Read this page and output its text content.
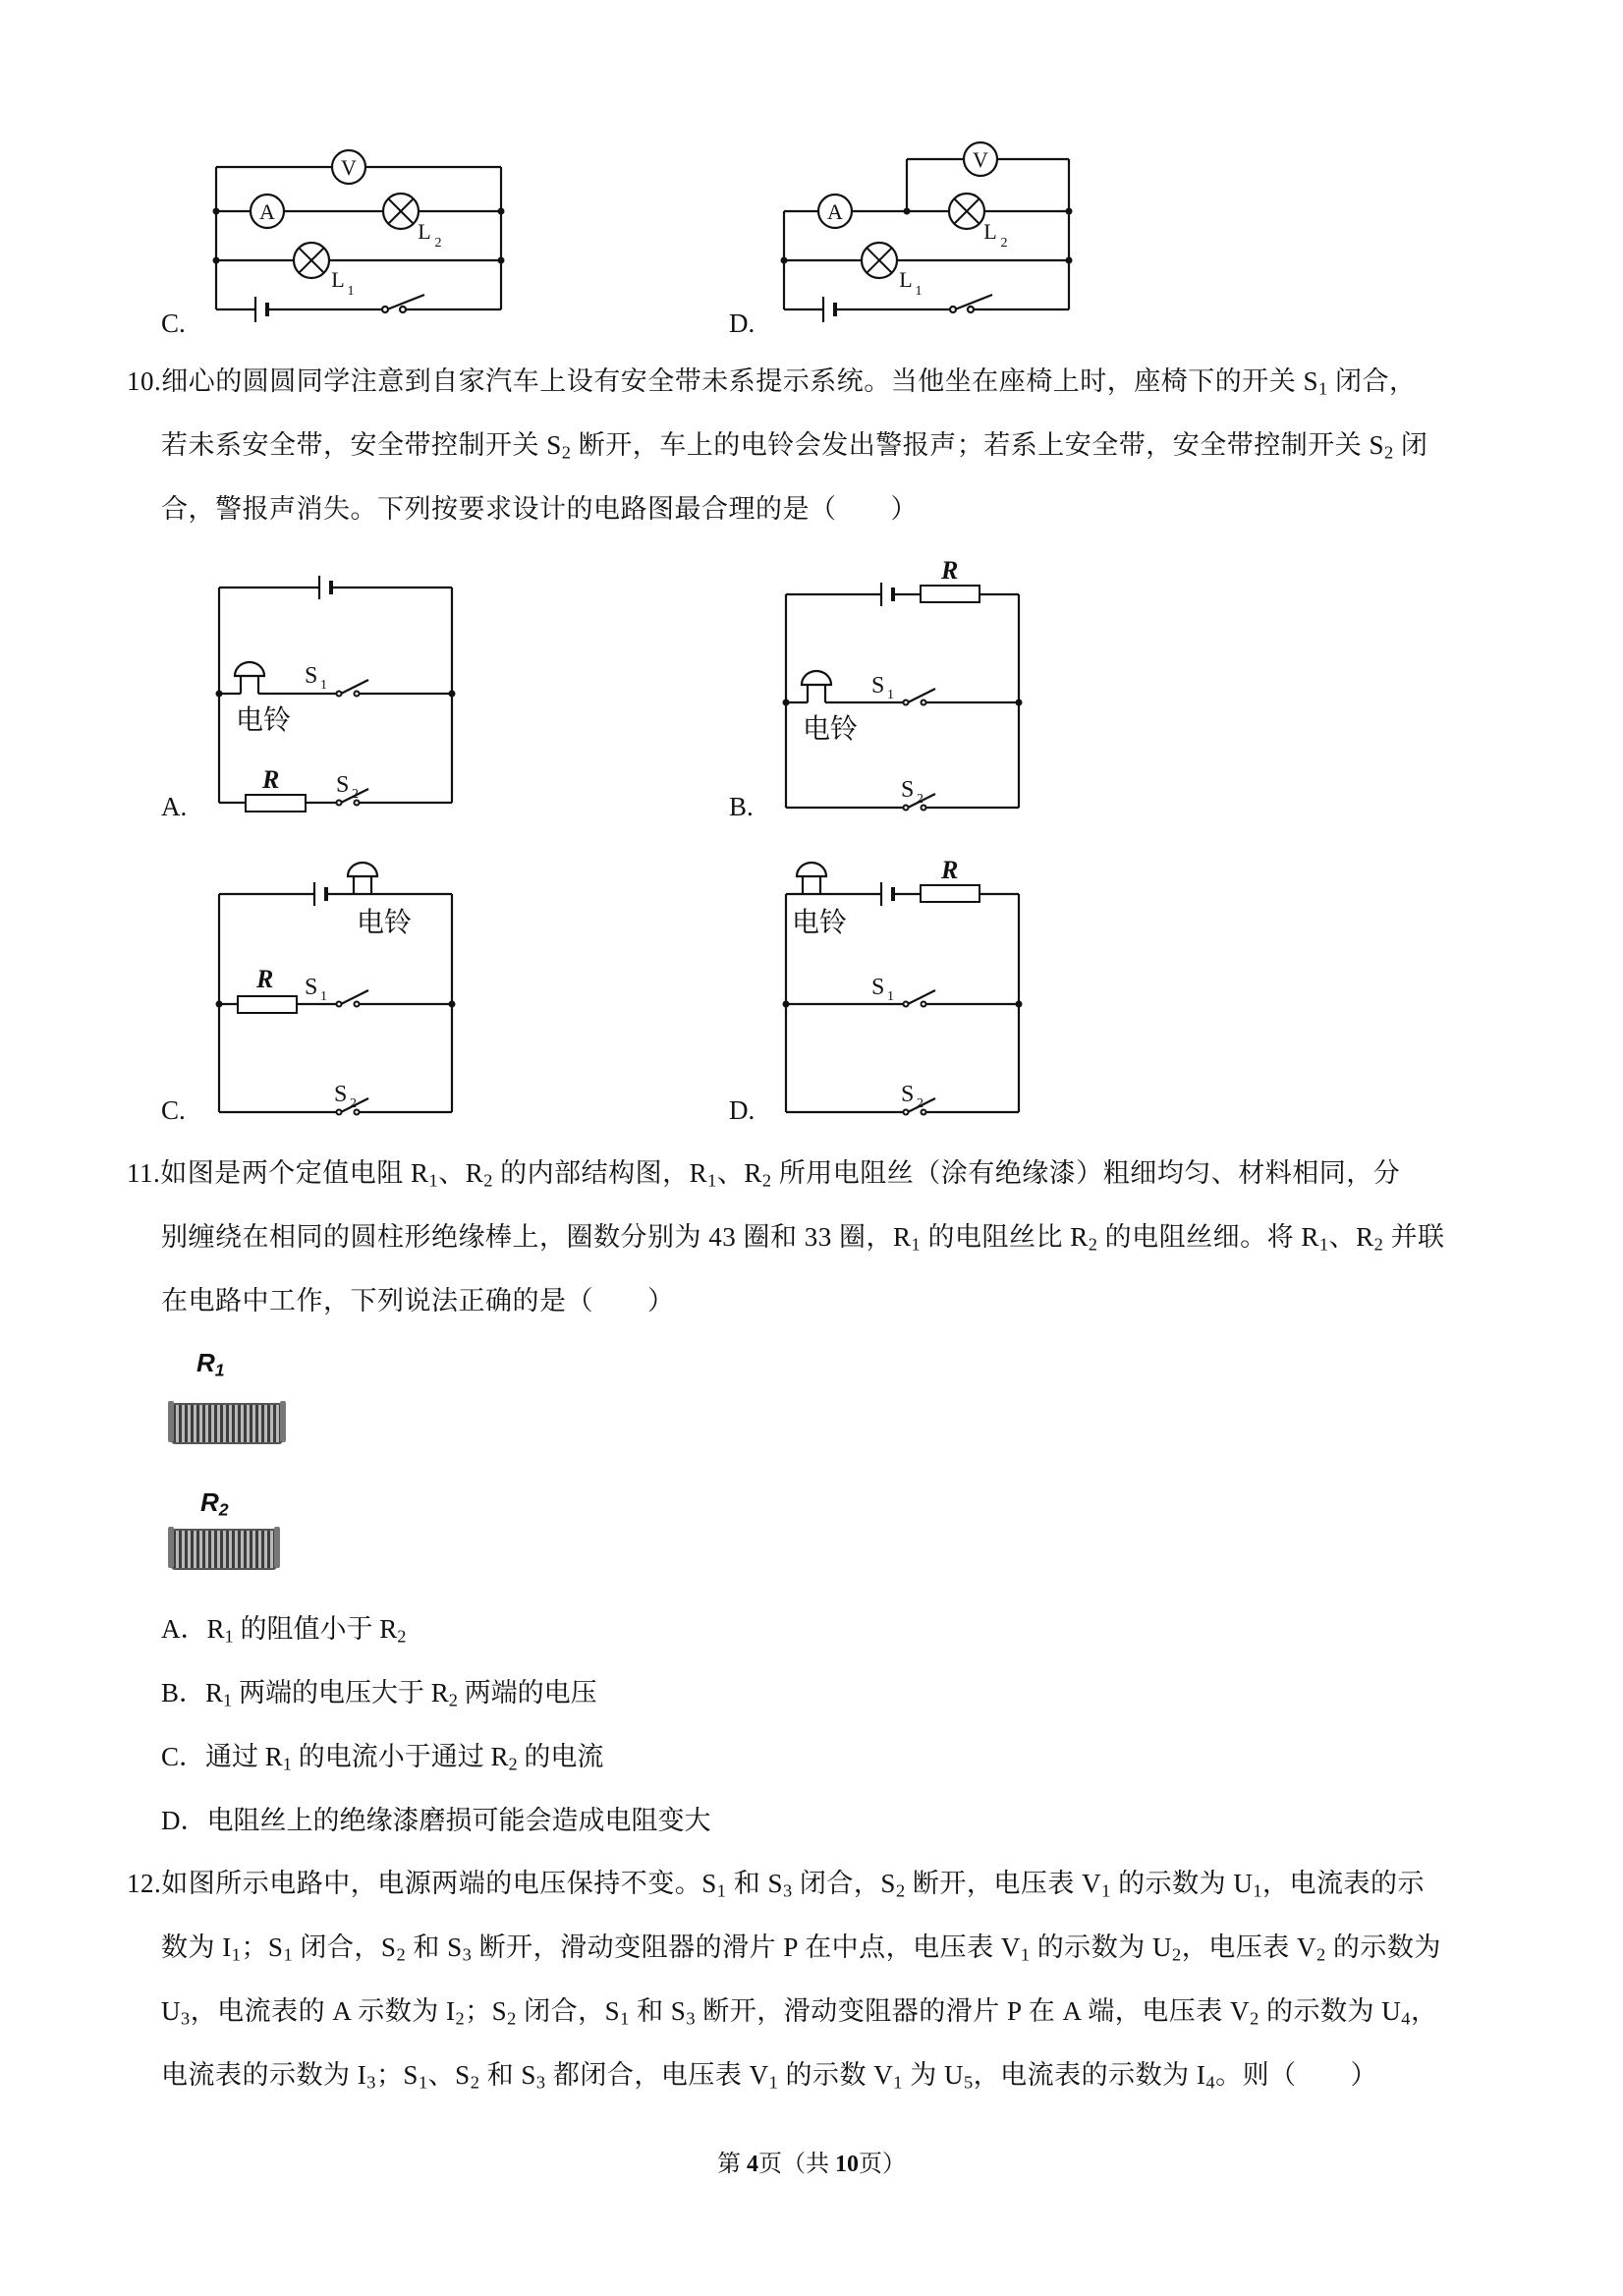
C.	D.
V
A
L 2
L 1
V
A
L 2
L 1
10.细心的圆圆同学注意到自家汽车上设有安全带未系提示系统。当他坐在座椅上时，座椅下的开关 $S_1$ 闭合，
若未系安全带，安全带控制开关 $S_2$ 断开，车上的电铃会发出警报声；若系上安全带，安全带控制开关 $S_2$ 闭
合，警报声消失。下列按要求设计的电路图最合理的是（　　）
A.	B.
C.	D.
S 1
电铃
R S 2
R
S 1
电铃
S 2
电铃
R S 1
S 2
电铃
R
S 1
S 2
11.如图是两个定值电阻 $R_1$、$R_2$ 的内部结构图，$R_1$、$R_2$ 所用电阻丝（涂有绝缘漆）粗细均匀、材料相同，分
别缠绕在相同的圆柱形绝缘棒上，圈数分别为 43 圈和 33 圈，$R_1$ 的电阻丝比 $R_2$ 的电阻丝细。将 $R_1$、$R_2$ 并联
在电路中工作，下列说法正确的是（　　）
$R_1$
$R_2$
A．$R_1$ 的阻值小于 $R_2$
B．$R_1$ 两端的电压大于 $R_2$ 两端的电压
C．通过 $R_1$ 的电流小于通过 $R_2$ 的电流
D．电阻丝上的绝缘漆磨损可能会造成电阻变大
12.如图所示电路中，电源两端的电压保持不变。$S_1$ 和 $S_3$ 闭合，$S_2$ 断开，电压表 $V_1$ 的示数为 $U_1$，电流表的示
数为 $I_1$；$S_1$ 闭合，$S_2$ 和 $S_3$ 断开，滑动变阻器的滑片 P 在中点，电压表 $V_1$ 的示数为 $U_2$，电压表 $V_2$ 的示数为
$U_3$，电流表的 A 示数为 $I_2$；$S_2$ 闭合，$S_1$ 和 $S_3$ 断开，滑动变阻器的滑片 P 在 A 端，电压表 $V_2$ 的示数为 $U_4$，
电流表的示数为 $I_3$；$S_1$、$S_2$ 和 $S_3$ 都闭合，电压表 $V_1$ 的示数 $V_1$ 为 $U_5$，电流表的示数为 $I_4$。则（　　）
第 4页（共 10页）
